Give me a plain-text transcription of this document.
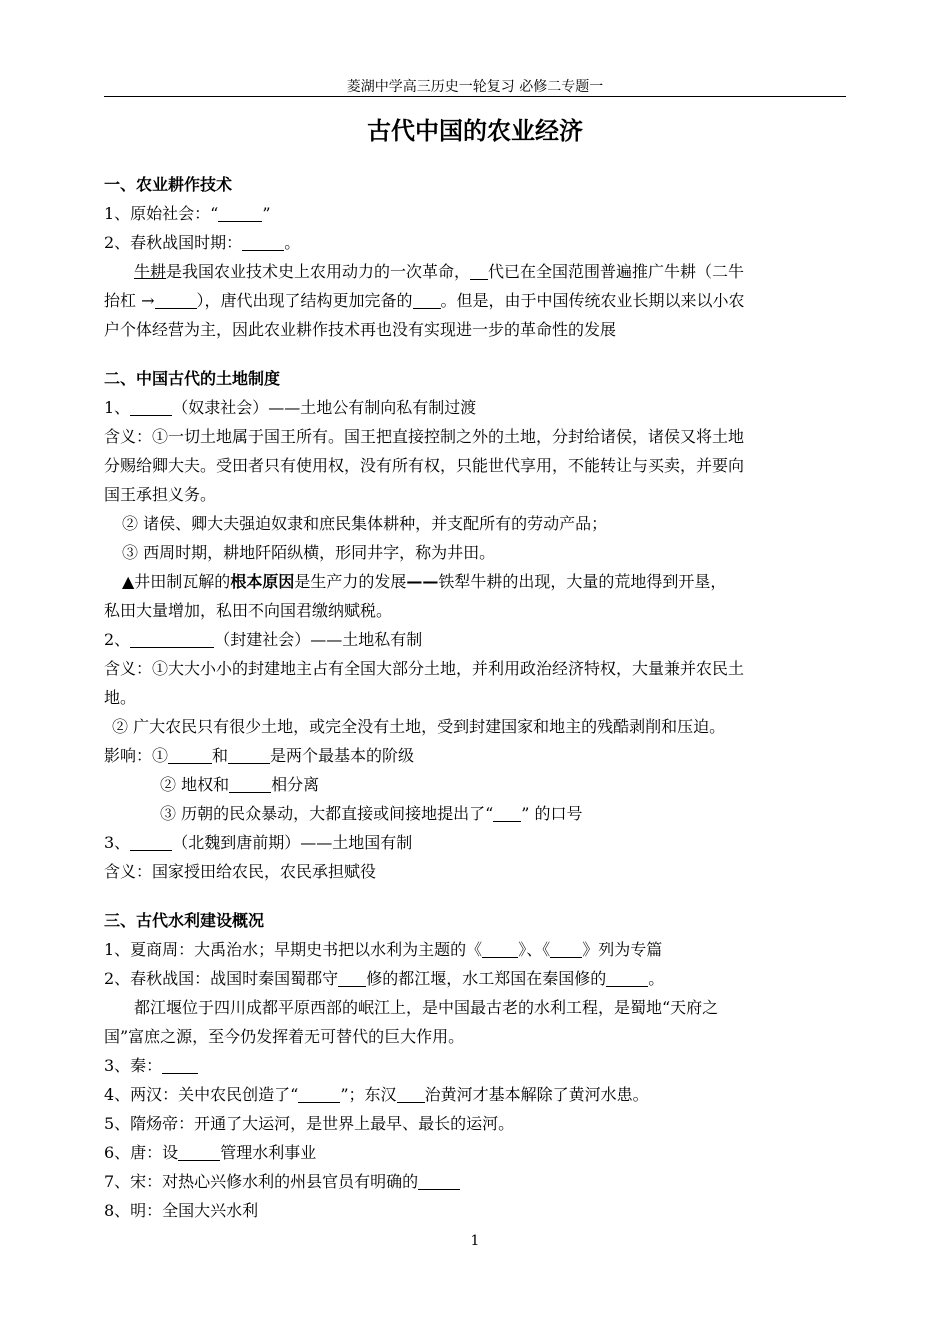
菱湖中学高三历史一轮复习 必修二专题一
古代中国的农业经济
一、农业耕作技术
1、原始社会：“	”
2、春秋战国时期：	。
牛耕是我国农业技术史上农用动力的一次革命， 代已在全国范围普遍推广牛耕（二牛
抬杠 →	），唐代出现了结构更加完备的 。但是，由于中国传统农业长期以来以小农
户个体经营为主，因此农业耕作技术再也没有实现进一步的革命性的发展
二、中国古代的土地制度
1、	（奴隶社会）——土地公有制向私有制过渡
含义：①一切土地属于国王所有。国王把直接控制之外的土地，分封给诸侯，诸侯又将土地
分赐给卿大夫。受田者只有使用权，没有所有权，只能世代享用，不能转让与买卖，并要向
国王承担义务。
② 诸侯、卿大夫强迫奴隶和庶民集体耕种，并支配所有的劳动产品；
③ 西周时期，耕地阡陌纵横，形同井字，称为井田。
▲井田制瓦解的根本原因是生产力的发展——铁犁牛耕的出现，大量的荒地得到开垦，
私田大量增加，私田不向国君缴纳赋税。
2、	（封建社会）——土地私有制
含义：①大大小小的封建地主占有全国大部分土地，并利用政治经济特权，大量兼并农民土
地。
② 广大农民只有很少土地，或完全没有土地，受到封建国家和地主的残酷剥削和压迫。
影响：①	和	是两个最基本的阶级
② 地权和	相分离
③ 历朝的民众暴动，大都直接或间接地提出了“ ” 的口号
3、	（北魏到唐前期）——土地国有制
含义：国家授田给农民，农民承担赋役
三、古代水利建设概况
1、夏商周：大禹治水；早期史书把以水利为主题的《 》、《 》列为专篇
2、春秋战国：战国时秦国蜀郡守 修的都江堰，水工郑国在秦国修的	。
都江堰位于四川成都平原西部的岷江上，是中国最古老的水利工程，是蜀地“天府之
国”富庶之源，至今仍发挥着无可替代的巨大作用。
3、秦：
4、两汉：关中农民创造了“	”；东汉 治黄河才基本解除了黄河水患。
5、隋炀帝：开通了大运河，是世界上最早、最长的运河。
6、唐：设	管理水利事业
7、宋：对热心兴修水利的州县官员有明确的
8、明：全国大兴水利
1
